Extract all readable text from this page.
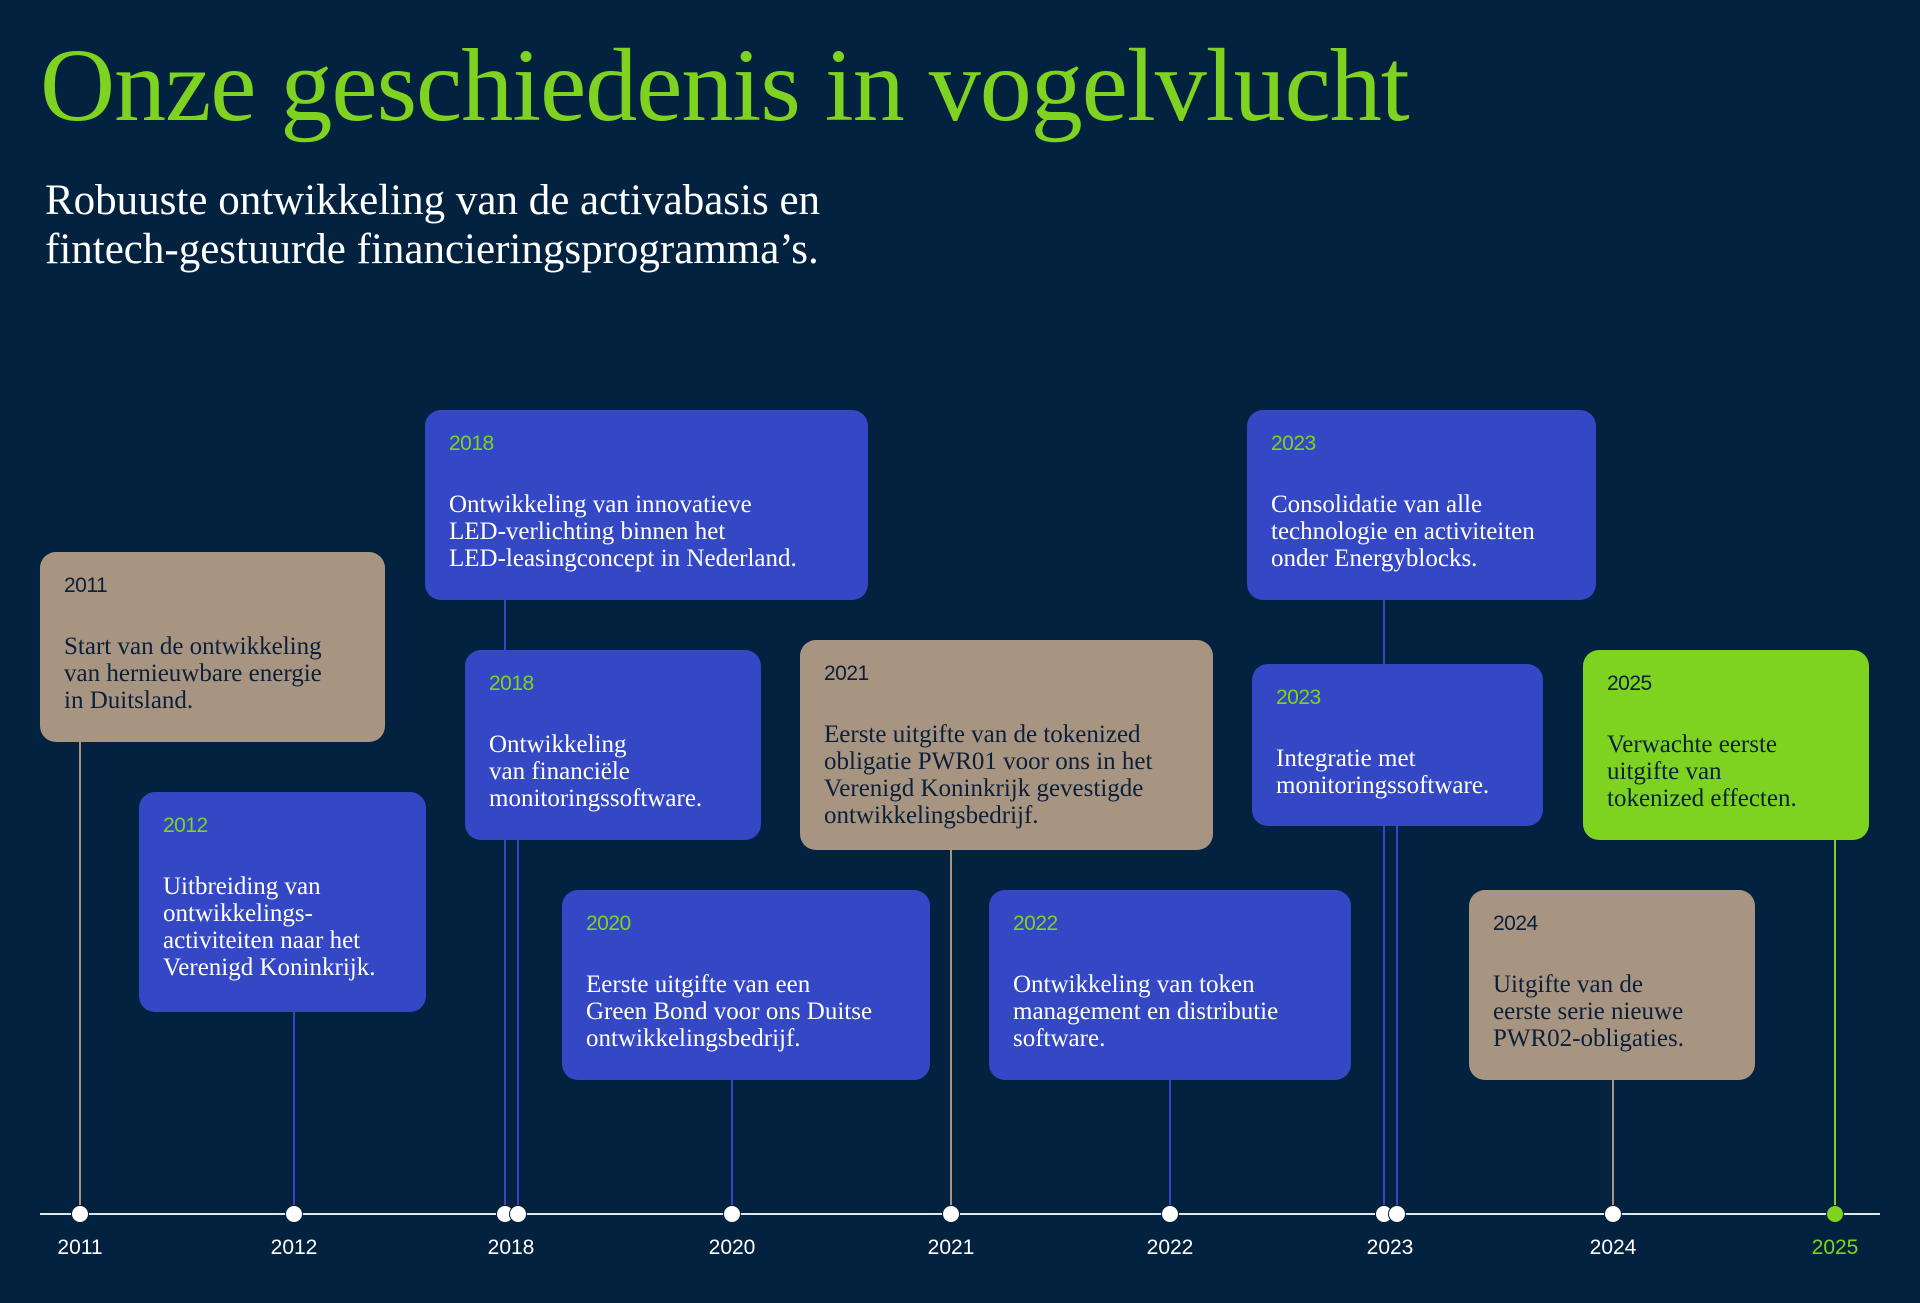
Onze geschiedenis in vogelvlucht
Robuuste ontwikkeling van de activabasis en
fintech-gestuurde financieringsprogramma’s.
2011	2012	2018	2020	2021	2022	2023	2024	2025
2011
Start van de ontwikkeling
van hernieuwbare energie
in Duitsland.
2012
Uitbreiding van
ontwikkelings-
activiteiten naar het
Verenigd Koninkrijk.
2018
Ontwikkeling van innovatieve
LED-verlichting binnen het
LED-leasingconcept in Nederland.
2018
Ontwikkeling
van financiële
monitoringssoftware.
2020
Eerste uitgifte van een
Green Bond voor ons Duitse
ontwikkelingsbedrijf.
2021
Eerste uitgifte van de tokenized
obligatie PWR01 voor ons in het
Verenigd Koninkrijk gevestigde
ontwikkelingsbedrijf.
2022
Ontwikkeling van token
management en distributie
software.
2023
Consolidatie van alle
technologie en activiteiten
onder Energyblocks.
2023
Integratie met
monitoringssoftware.
2024
Uitgifte van de
eerste serie nieuwe
PWR02-obligaties.
2025
Verwachte eerste
uitgifte van
tokenized effecten.
